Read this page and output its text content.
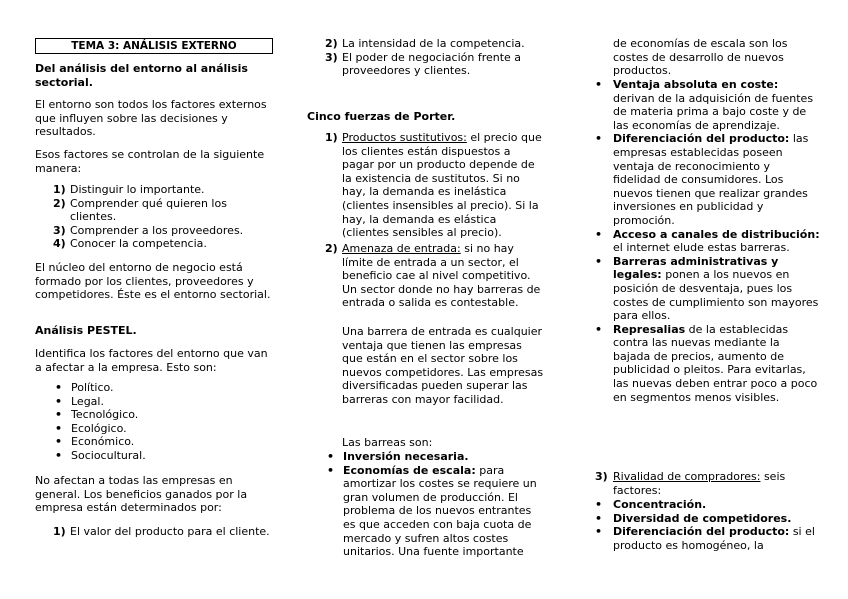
TEMA 3: ANÁLISIS EXTERNO

Del análisis del entorno al análisis sectorial.

El entorno son todos los factores externos que influyen sobre las decisiones y resultados.

Esos factores se controlan de la siguiente manera:

1) Distinguir lo importante.

2) Comprender qué quieren los clientes.

3) Comprender a los proveedores.

4) Conocer la competencia.

El núcleo del entorno de negocio está formado por los clientes, proveedores y competidores. Éste es el entorno sectorial.

Análisis PESTEL.

Identifica los factores del entorno que van a afectar a la empresa. Esto son:

• Político.

• Legal.

• Tecnológico.

• Ecológico.

• Económico.

• Sociocultural.

No afectan a todas las empresas en general. Los beneficios ganados por la empresa están determinados por:

1) El valor del producto para el cliente.

2) La intensidad de la competencia.

3) El poder de negociación frente a proveedores y clientes.

Cinco fuerzas de Porter.

1) Productos sustitutivos: el precio que los clientes están dispuestos a pagar por un producto depende de la existencia de sustitutos. Si no hay, la demanda es inelástica (clientes insensibles al precio). Si la hay, la demanda es elástica (clientes sensibles al precio).

2) Amenaza de entrada: si no hay límite de entrada a un sector, el beneficio cae al nivel competitivo. Un sector donde no hay barreras de entrada o salida es contestable.

Una barrera de entrada es cualquier ventaja que tienen las empresas que están en el sector sobre los nuevos competidores. Las empresas diversificadas pueden superar las barreras con mayor facilidad.

Las barreas son:

• Inversión necesaria.

• Economías de escala: para amortizar los costes se requiere un gran volumen de producción. El problema de los nuevos entrantes es que acceden con baja cuota de mercado y sufren altos costes unitarios. Una fuente importante

de economías de escala son los costes de desarrollo de nuevos productos.

• Ventaja absoluta en coste: derivan de la adquisición de fuentes de materia prima a bajo coste y de las economías de aprendizaje.

• Diferenciación del producto: las empresas establecidas poseen ventaja de reconocimiento y fidelidad de consumidores. Los nuevos tienen que realizar grandes inversiones en publicidad y promoción.

• Acceso a canales de distribución: el internet elude estas barreras.

• Barreras administrativas y legales: ponen a los nuevos en posición de desventaja, pues los costes de cumplimiento son mayores para ellos.

• Represalias de la establecidas contra las nuevas mediante la bajada de precios, aumento de publicidad o pleitos. Para evitarlas, las nuevas deben entrar poco a poco en segmentos menos visibles.

3) Rivalidad de compradores: seis factores:

• Concentración.

• Diversidad de competidores.

• Diferenciación del producto: si el producto es homogéneo, la
